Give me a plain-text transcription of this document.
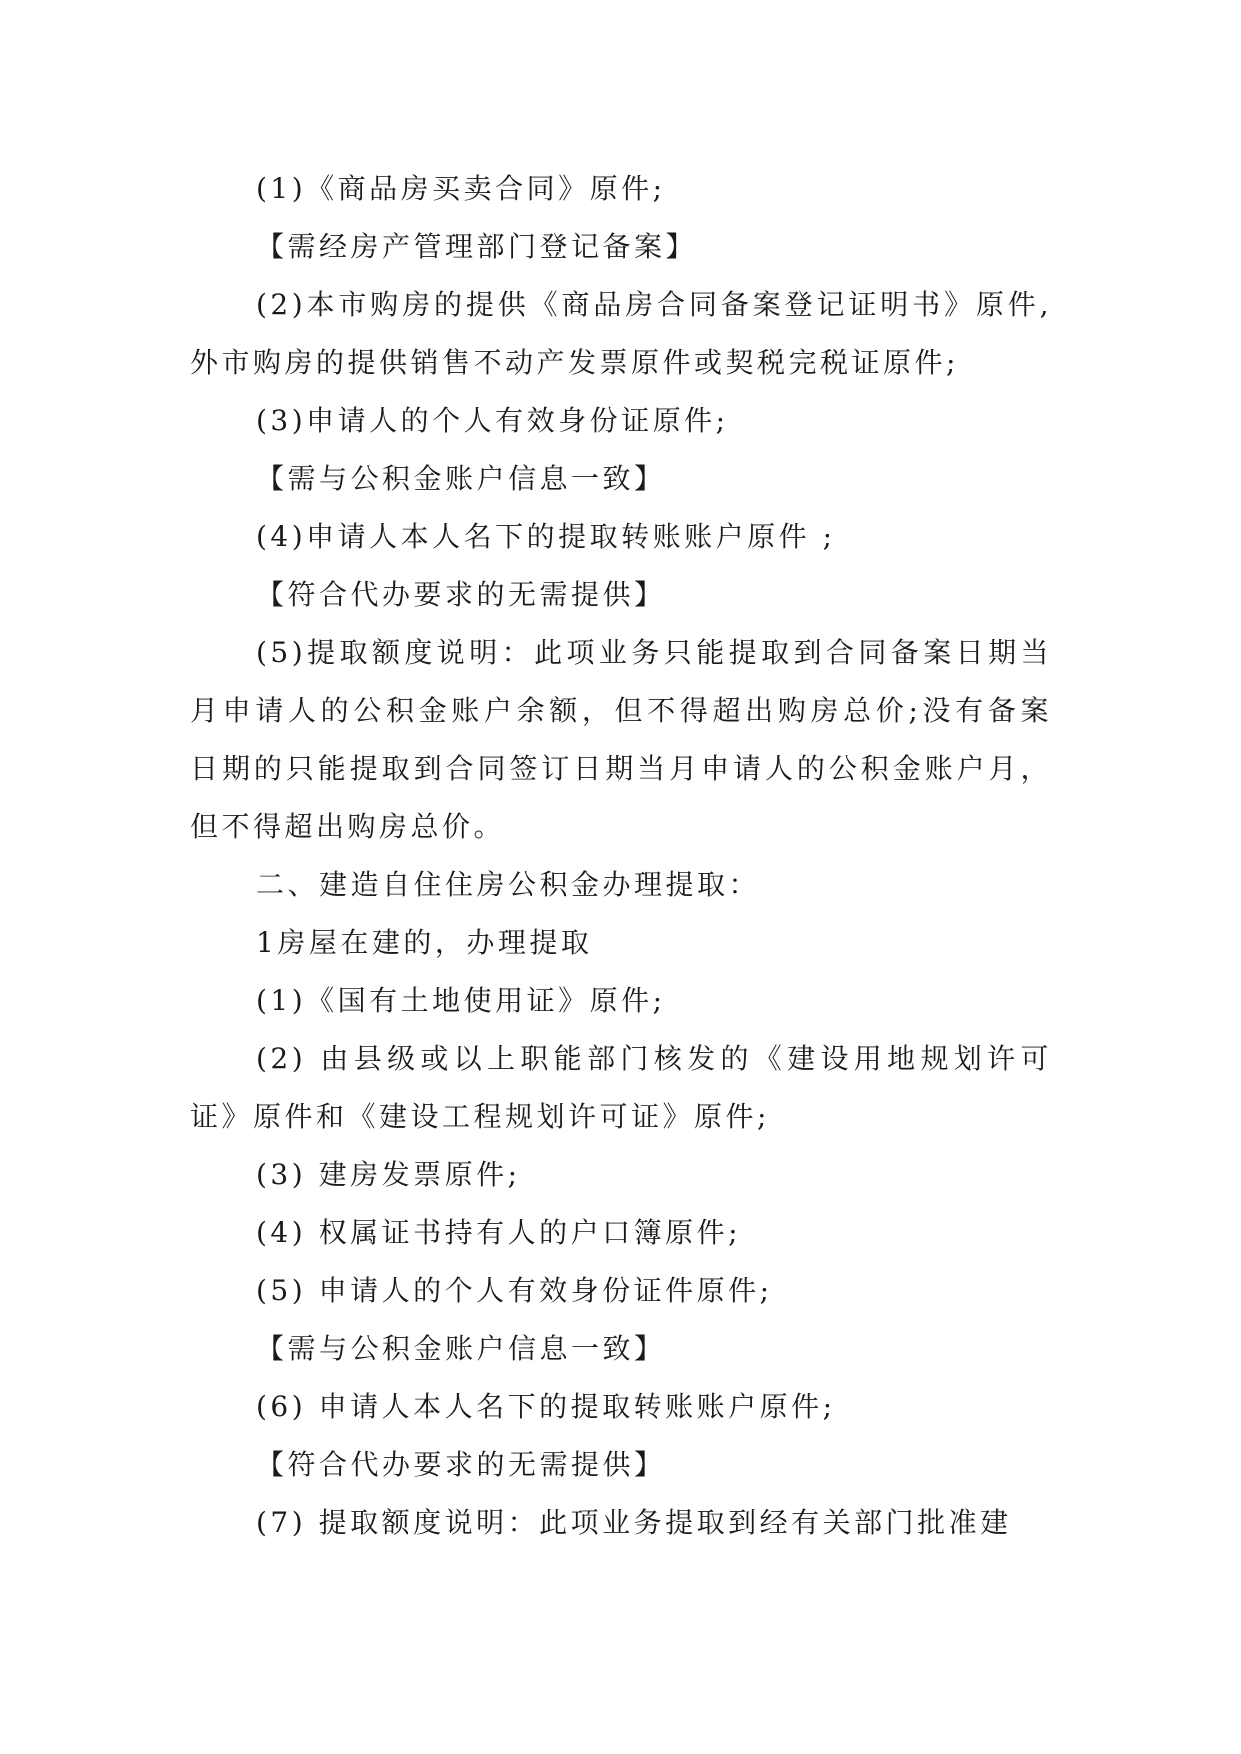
(1)《商品房买卖合同》原件;

【需经房产管理部门登记备案】

(2)本市购房的提供《商品房合同备案登记证明书》原件,外市购房的提供销售不动产发票原件或契税完税证原件;

(3)申请人的个人有效身份证原件;

【需与公积金账户信息一致】

(4)申请人本人名下的提取转账账户原件 ;

【符合代办要求的无需提供】

(5)提取额度说明：此项业务只能提取到合同备案日期当月申请人的公积金账户余额，但不得超出购房总价;没有备案日期的只能提取到合同签订日期当月申请人的公积金账户月，但不得超出购房总价。

二、建造自住住房公积金办理提取：

1房屋在建的，办理提取

(1)《国有土地使用证》原件;

(2) 由县级或以上职能部门核发的《建设用地规划许可证》原件和《建设工程规划许可证》原件;

(3) 建房发票原件;

(4) 权属证书持有人的户口簿原件;

(5) 申请人的个人有效身份证件原件;

【需与公积金账户信息一致】

(6) 申请人本人名下的提取转账账户原件;

【符合代办要求的无需提供】

(7) 提取额度说明：此项业务提取到经有关部门批准建
